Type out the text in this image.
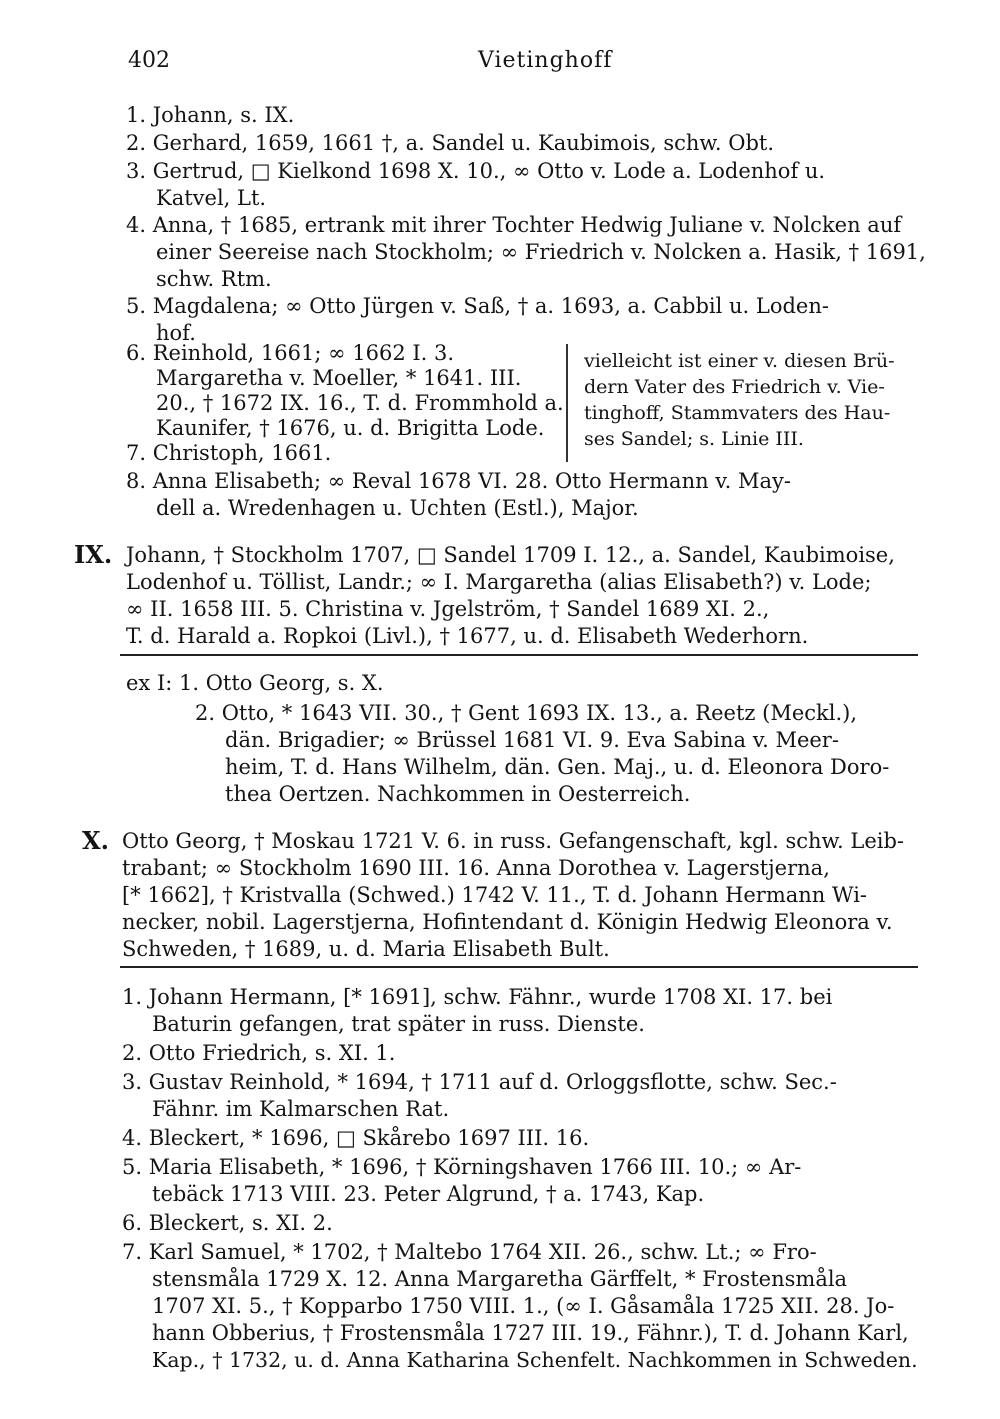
402	Vietinghoff
1. Johann, s. IX.
2. Gerhard, 1659, 1661 †, a. Sandel u. Kaubimois, schw. Obt.
3. Gertrud, □ Kielkond 1698 X. 10., ∞ Otto v. Lode a. Lodenhof u.
Katvel, Lt.
4. Anna, † 1685, ertrank mit ihrer Tochter Hedwig Juliane v. Nolcken auf
einer Seereise nach Stockholm; ∞ Friedrich v. Nolcken a. Hasik, † 1691,
schw. Rtm.
5. Magdalena; ∞ Otto Jürgen v. Saß, † a. 1693, a. Cabbil u. Loden-
hof.
6. Reinhold, 1661; ∞ 1662 I. 3.
Margaretha v. Moeller, * 1641. III.
20., † 1672 IX. 16., T. d. Frommhold a.
Kaunifer, † 1676, u. d. Brigitta Lode.
7. Christoph, 1661.
vielleicht ist einer v. diesen Brü-
dern Vater des Friedrich v. Vie-
tinghoff, Stammvaters des Hau-
ses Sandel; s. Linie III.
8. Anna Elisabeth; ∞ Reval 1678 VI. 28. Otto Hermann v. May-
dell a. Wredenhagen u. Uchten (Estl.), Major.
IX. Johann, † Stockholm 1707, □ Sandel 1709 I. 12., a. Sandel, Kaubimoise,
Lodenhof u. Töllist, Landr.; ∞ I. Margaretha (alias Elisabeth?) v. Lode;
∞ II. 1658 III. 5. Christina v. Jgelström, † Sandel 1689 XI. 2.,
T. d. Harald a. Ropkoi (Livl.), † 1677, u. d. Elisabeth Wederhorn.
ex I: 1. Otto Georg, s. X.
2. Otto, * 1643 VII. 30., † Gent 1693 IX. 13., a. Reetz (Meckl.),
dän. Brigadier; ∞ Brüssel 1681 VI. 9. Eva Sabina v. Meer-
heim, T. d. Hans Wilhelm, dän. Gen. Maj., u. d. Eleonora Doro-
thea Oertzen. Nachkommen in Oesterreich.
X. Otto Georg, † Moskau 1721 V. 6. in russ. Gefangenschaft, kgl. schw. Leib-
trabant; ∞ Stockholm 1690 III. 16. Anna Dorothea v. Lagerstjerna,
[* 1662], † Kristvalla (Schwed.) 1742 V. 11., T. d. Johann Hermann Wi-
necker, nobil. Lagerstjerna, Hofintendant d. Königin Hedwig Eleonora v.
Schweden, † 1689, u. d. Maria Elisabeth Bult.
1. Johann Hermann, [* 1691], schw. Fähnr., wurde 1708 XI. 17. bei
Baturin gefangen, trat später in russ. Dienste.
2. Otto Friedrich, s. XI. 1.
3. Gustav Reinhold, * 1694, † 1711 auf d. Orloggsflotte, schw. Sec.-
Fähnr. im Kalmarschen Rat.
4. Bleckert, * 1696, □ Skårebo 1697 III. 16.
5. Maria Elisabeth, * 1696, † Körningshaven 1766 III. 10.; ∞ Ar-
tebäck 1713 VIII. 23. Peter Algrund, † a. 1743, Kap.
6. Bleckert, s. XI. 2.
7. Karl Samuel, * 1702, † Maltebo 1764 XII. 26., schw. Lt.; ∞ Fro-
stensmåla 1729 X. 12. Anna Margaretha Gärffelt, * Frostensmåla
1707 XI. 5., † Kopparbo 1750 VIII. 1., (∞ I. Gåsamåla 1725 XII. 28. Jo-
hann Obberius, † Frostensmåla 1727 III. 19., Fähnr.), T. d. Johann Karl,
Kap., † 1732, u. d. Anna Katharina Schenfelt. Nachkommen in Schweden.
